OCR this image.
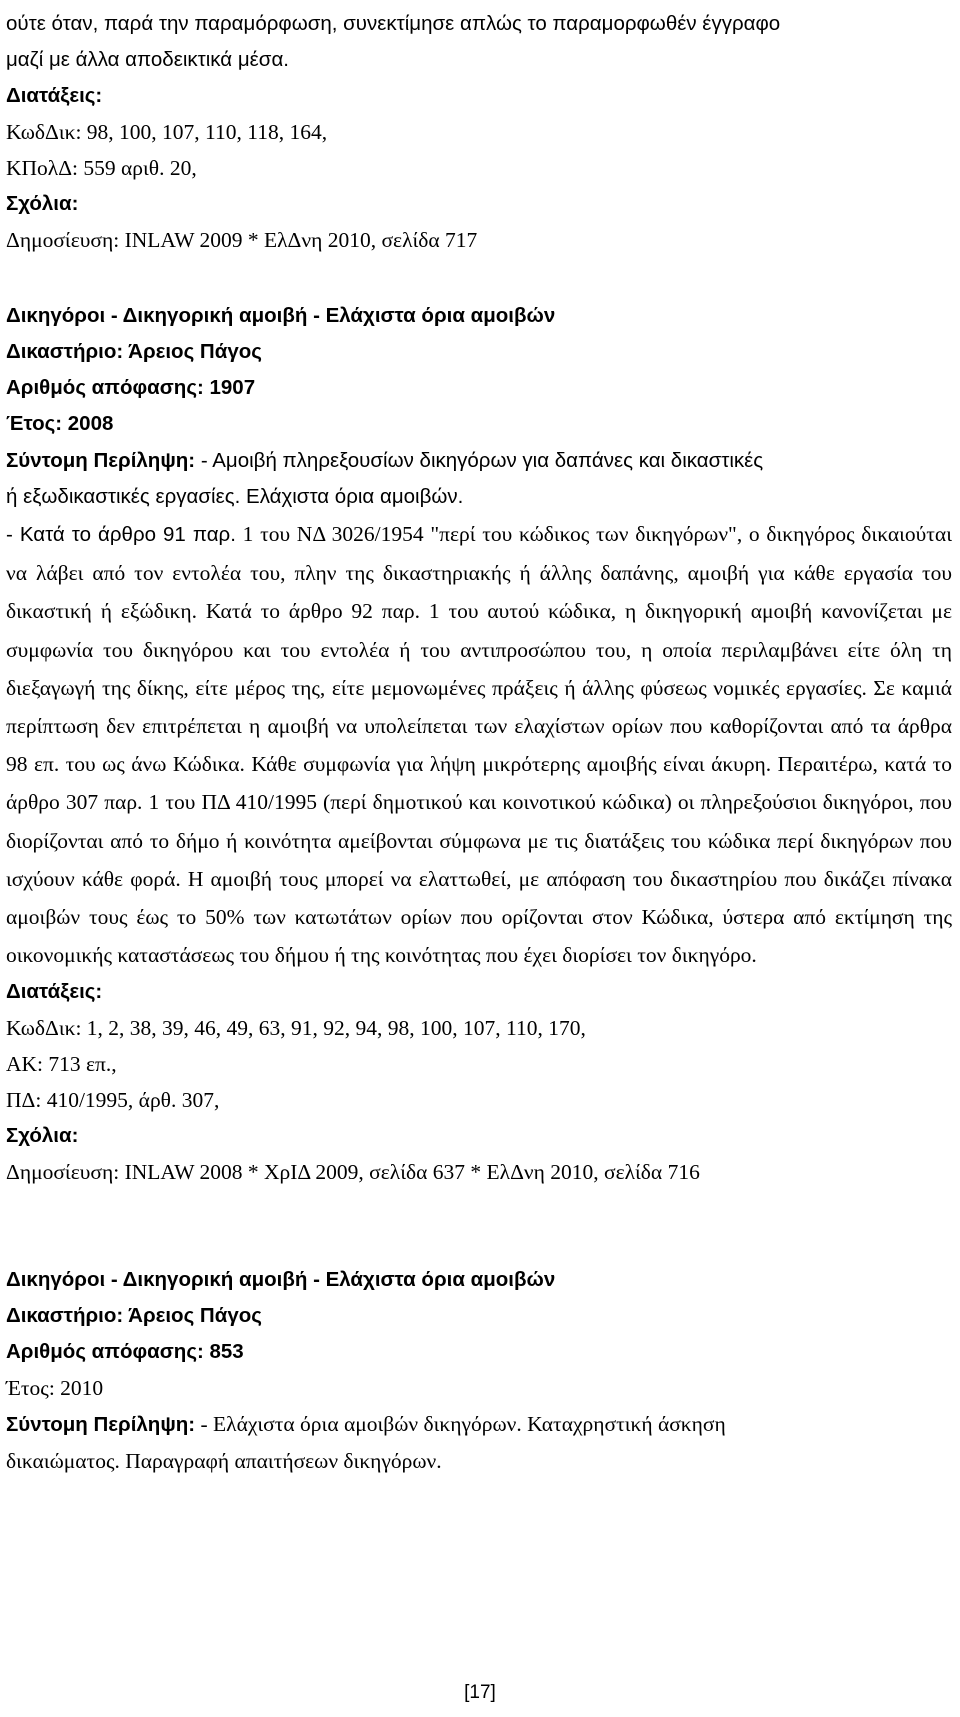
ούτε όταν, παρά την παραμόρφωση, συνεκτίμησε απλώς το παραμορφωθέν έγγραφο
μαζί με άλλα αποδεικτικά μέσα.
Διατάξεις:
ΚωδΔικ: 98, 100, 107, 110, 118, 164,
ΚΠολΔ: 559 αριθ. 20,
Σχόλια:
Δημοσίευση: INLAW 2009 * ΕλΔνη 2010, σελίδα 717
Δικηγόροι - Δικηγορική αμοιβή - Ελάχιστα όρια αμοιβών
Δικαστήριο: Άρειος Πάγος
Αριθμός απόφασης: 1907
Έτος: 2008
Σύντομη Περίληψη: - Αμοιβή πληρεξουσίων δικηγόρων για δαπάνες και δικαστικές
ή εξωδικαστικές εργασίες. Ελάχιστα όρια αμοιβών.
- Κατά το άρθρο 91 παρ. 1 του ΝΔ 3026/1954 "περί του κώδικος των δικηγόρων", ο δικηγόρος δικαιούται να λάβει από τον εντολέα του, πλην της δικαστηριακής ή άλλης δαπάνης, αμοιβή για κάθε εργασία του δικαστική ή εξώδικη. Κατά το άρθρο 92 παρ. 1 του αυτού κώδικα, η δικηγορική αμοιβή κανονίζεται με συμφωνία του δικηγόρου και του εντολέα ή του αντιπροσώπου του, η οποία περιλαμβάνει είτε όλη τη διεξαγωγή της δίκης, είτε μέρος της, είτε μεμονωμένες πράξεις ή άλλης φύσεως νομικές εργασίες. Σε καμιά περίπτωση δεν επιτρέπεται η αμοιβή να υπολείπεται των ελαχίστων ορίων που καθορίζονται από τα άρθρα 98 επ. του ως άνω Κώδικα. Κάθε συμφωνία για λήψη μικρότερης αμοιβής είναι άκυρη. Περαιτέρω, κατά το άρθρο 307 παρ. 1 του ΠΔ 410/1995 (περί δημοτικού και κοινοτικού κώδικα) οι πληρεξούσιοι δικηγόροι, που διορίζονται από το δήμο ή κοινότητα αμείβονται σύμφωνα με τις διατάξεις του κώδικα περί δικηγόρων που ισχύουν κάθε φορά. Η αμοιβή τους μπορεί να ελαττωθεί, με απόφαση του δικαστηρίου που δικάζει πίνακα αμοιβών τους έως το 50% των κατωτάτων ορίων που ορίζονται στον Κώδικα, ύστερα από εκτίμηση της οικονομικής καταστάσεως του δήμου ή της κοινότητας που έχει διορίσει τον δικηγόρο.
Διατάξεις:
ΚωδΔικ: 1, 2, 38, 39, 46, 49, 63, 91, 92, 94, 98, 100, 107, 110, 170,
ΑΚ: 713 επ.,
ΠΔ: 410/1995, άρθ. 307,
Σχόλια:
Δημοσίευση: INLAW 2008 * ΧρΙΔ 2009, σελίδα 637 * ΕλΔνη 2010, σελίδα 716
Δικηγόροι - Δικηγορική αμοιβή - Ελάχιστα όρια αμοιβών
Δικαστήριο: Άρειος Πάγος
Αριθμός απόφασης: 853
Έτος: 2010
Σύντομη Περίληψη: - Ελάχιστα όρια αμοιβών δικηγόρων. Καταχρηστική άσκηση
δικαιώματος. Παραγραφή απαιτήσεων δικηγόρων.
[17]
